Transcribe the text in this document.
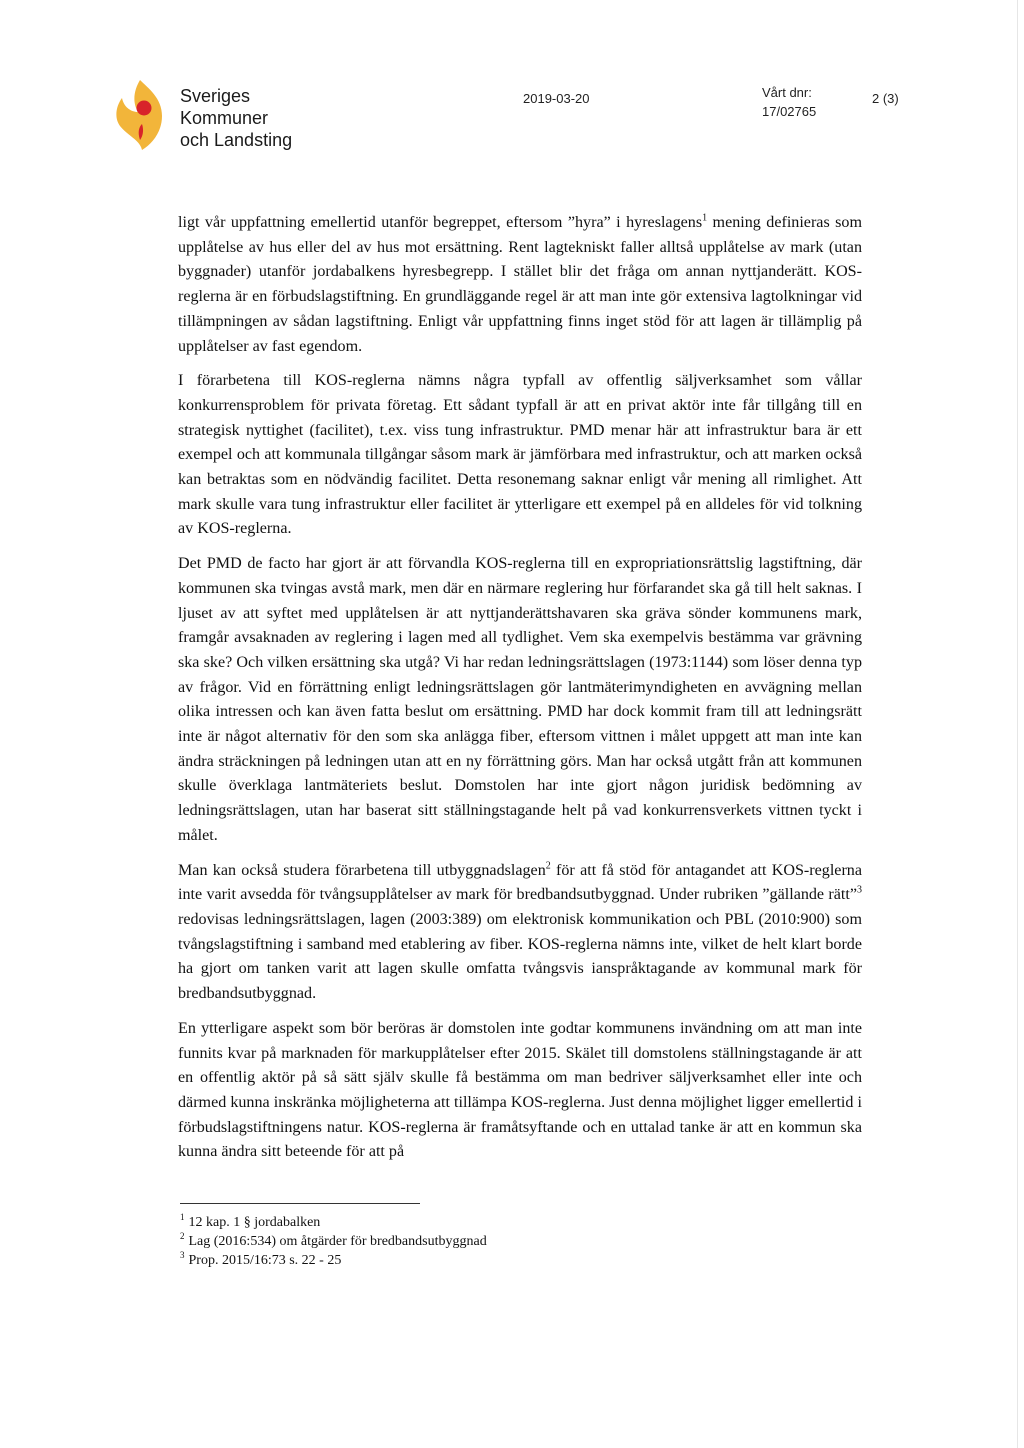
Sveriges
Kommuner
och Landsting
2019-03-20	Vårt dnr:
17/02765
2 (3)

ligt vår uppfattning emellertid utanför begreppet, eftersom ”hyra” i hyreslagens$^1$ mening definieras som upplåtelse av hus eller del av hus mot ersättning. Rent lagtekniskt faller alltså upplåtelse av mark (utan byggnader) utanför jordabalkens hyresbegrepp. I stället blir det fråga om annan nyttjanderätt. KOS-reglerna är en förbudslagstiftning. En grundläggande regel är att man inte gör extensiva lagtolkningar vid tillämpningen av sådan lagstiftning. Enligt vår uppfattning finns inget stöd för att lagen är tillämplig på upplåtelser av fast egendom.

I förarbetena till KOS-reglerna nämns några typfall av offentlig säljverksamhet som vållar konkurrensproblem för privata företag. Ett sådant typfall är att en privat aktör inte får tillgång till en strategisk nyttighet (facilitet), t.ex. viss tung infrastruktur. PMD menar här att infrastruktur bara är ett exempel och att kommunala tillgångar såsom mark är jämförbara med infrastruktur, och att marken också kan betraktas som en nödvändig facilitet. Detta resonemang saknar enligt vår mening all rimlighet. Att mark skulle vara tung infrastruktur eller facilitet är ytterligare ett exempel på en alldeles för vid tolkning av KOS-reglerna.

Det PMD de facto har gjort är att förvandla KOS-reglerna till en expropriationsrättslig lagstiftning, där kommunen ska tvingas avstå mark, men där en närmare reglering hur förfarandet ska gå till helt saknas. I ljuset av att syftet med upplåtelsen är att nyttjanderättshavaren ska gräva sönder kommunens mark, framgår avsaknaden av reglering i lagen med all tydlighet. Vem ska exempelvis bestämma var grävning ska ske? Och vilken ersättning ska utgå? Vi har redan ledningsrättslagen (1973:1144) som löser denna typ av frågor. Vid en förrättning enligt ledningsrättslagen gör lantmäterimyndigheten en avvägning mellan olika intressen och kan även fatta beslut om ersättning. PMD har dock kommit fram till att ledningsrätt inte är något alternativ för den som ska anlägga fiber, eftersom vittnen i målet uppgett att man inte kan ändra sträckningen på ledningen utan att en ny förrättning görs. Man har också utgått från att kommunen skulle överklaga lantmäteriets beslut. Domstolen har inte gjort någon juridisk bedömning av ledningsrättslagen, utan har baserat sitt ställningstagande helt på vad konkurrensverkets vittnen tyckt i målet.

Man kan också studera förarbetena till utbyggnadslagen$^2$ för att få stöd för antagandet att KOS-reglerna inte varit avsedda för tvångsupplåtelser av mark för bredbandsutbyggnad. Under rubriken ”gällande rätt”$^3$ redovisas ledningsrättslagen, lagen (2003:389) om elektronisk kommunikation och PBL (2010:900) som tvångslagstiftning i samband med etablering av fiber. KOS-reglerna nämns inte, vilket de helt klart borde ha gjort om tanken varit att lagen skulle omfatta tvångsvis ianspråktagande av kommunal mark för bredbandsutbyggnad.

En ytterligare aspekt som bör beröras är domstolen inte godtar kommunens invändning om att man inte funnits kvar på marknaden för markupplåtelser efter 2015. Skälet till domstolens ställningstagande är att en offentlig aktör på så sätt själv skulle få bestämma om man bedriver säljverksamhet eller inte och därmed kunna inskränka möjligheterna att tillämpa KOS-reglerna. Just denna möjlighet ligger emellertid i förbudslagstiftningens natur. KOS-reglerna är framåtsyftande och en uttalad tanke är att en kommun ska kunna ändra sitt beteende för att på

$^1$ 12 kap. 1 § jordabalken
$^2$ Lag (2016:534) om åtgärder för bredbandsutbyggnad
$^3$ Prop. 2015/16:73 s. 22 - 25
